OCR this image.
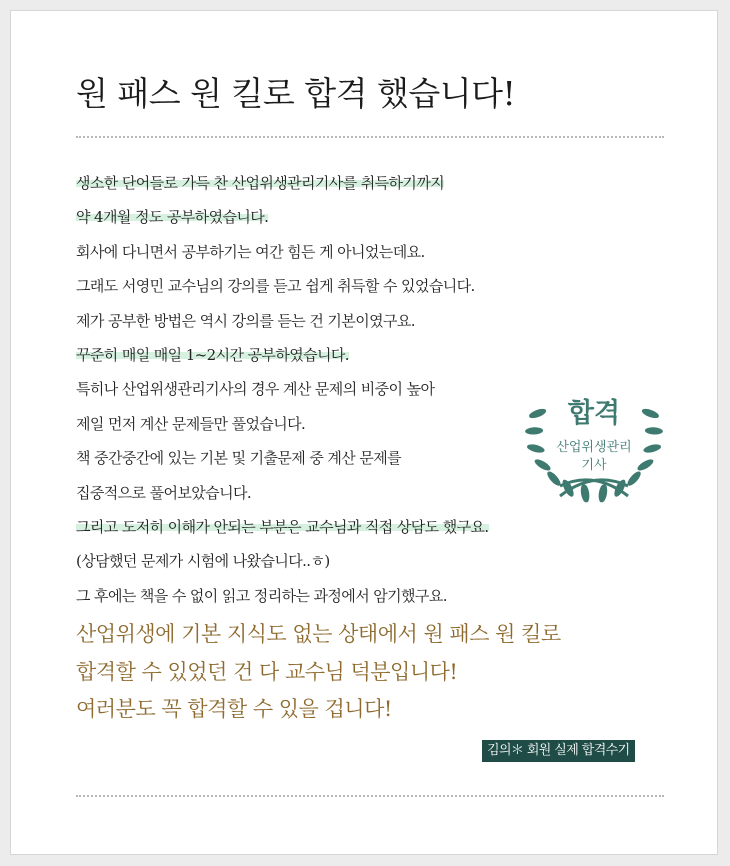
원 패스 원 킬로 합격 했습니다!
생소한 단어들로 가득 찬 산업위생관리기사를 취득하기까지
약 4개월 정도 공부하였습니다.
회사에 다니면서 공부하기는 여간 힘든 게 아니었는데요.
그래도 서영민 교수님의 강의를 듣고 쉽게 취득할 수 있었습니다.
제가 공부한 방법은 역시 강의를 듣는 건 기본이였구요.
꾸준히 매일 매일 1~2시간 공부하였습니다.
특히나 산업위생관리기사의 경우 계산 문제의 비중이 높아
제일 먼저 계산 문제들만 풀었습니다.
책 중간중간에 있는 기본 및 기출문제 중 계산 문제를
집중적으로 풀어보았습니다.
그리고 도저히 이해가 안되는 부분은 교수님과 직접 상담도 했구요.
(상담했던 문제가 시험에 나왔습니다..ㅎ)
그 후에는 책을 수 없이 읽고 정리하는 과정에서 암기했구요.
합격
산업위생관리
기사
산업위생에 기본 지식도 없는 상태에서 원 패스 원 킬로
합격할 수 있었던 건 다 교수님 덕분입니다!
여러분도 꼭 합격할 수 있을 겁니다!
김의＊ 회원 실제 합격수기
